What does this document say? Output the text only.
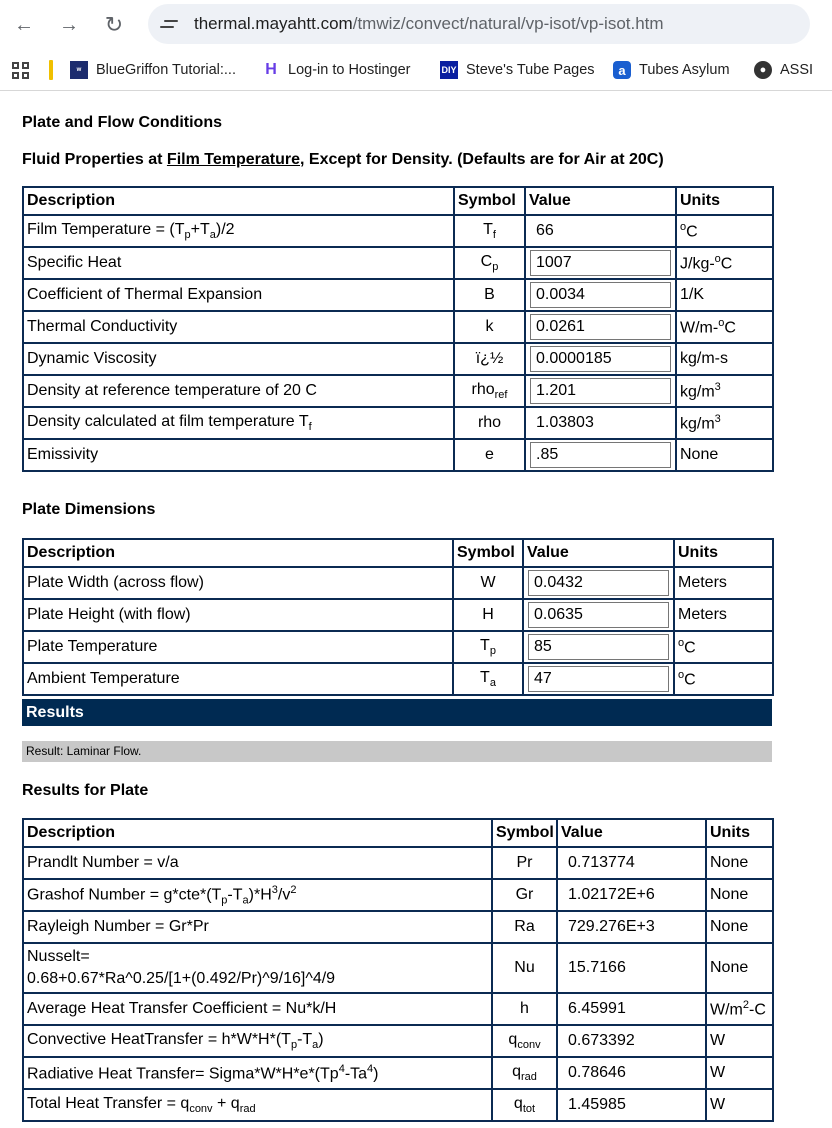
← → ↻	thermal.mayahtt.com/tmwiz/convect/natural/vp-isot/vp-isot.htm
w	BlueGriffon Tutorial:... H Log-in to Hostinger	DIY Steve's Tube Pages	a Tubes Asylum	● ASSI
Plate and Flow Conditions
Fluid Properties at Film Temperature, Except for Density. (Defaults are for Air at 20C)
Description	Symbol	Value	Units
Film Temperature = $(T_p+T_a)/2$	$T_f$	66	$^o$C
Specific Heat	$C_p$	1007	J/kg-$^o$C
Coefficient of Thermal Expansion	B	0.0034	1/K
Thermal Conductivity	k	0.0261	W/m-$^o$C
Dynamic Viscosity	ï¿½	0.0000185	kg/m-s
Density at reference temperature of 20 C	rho$_{ref}$	1.201	$kg/m^3$
Density calculated at film temperature $T_f$	rho	1.03803	$kg/m^3$
Emissivity	e	.85	None
Plate Dimensions
Description	Symbol	Value	Units
Plate Width (across flow)	W	0.0432	Meters
Plate Height (with flow)	H	0.0635	Meters
Plate Temperature	$T_p$	85	$^o$C
Ambient Temperature	$T_a$	47	$^o$C
Results
Result: Laminar Flow.
Results for Plate
Description	Symbol	Value	Units
Prandlt Number = v/a	Pr	0.713774	None
Grashof Number = $g*cte*(T_p-T_a)*H^3/v^2$	Gr	1.02172E+6	None
Rayleigh Number = Gr*Pr	Ra	729.276E+3	None

Nusselt=
0.68+0.67*Ra^0.25/[1+(0.492/Pr)^9/16]^4/9	Nu	15.7166	None
Average Heat Transfer Coefficient = Nu*k/H	h	6.45991	$W/m^2-C$
Convective HeatTransfer = $h*W*H*(T_p-T_a)$	$q_{conv}$	0.673392	W
Radiative Heat Transfer= $Sigma*W*H*e*(Tp^4-Ta^4)$	$q_{rad}$	0.78646	W
Total Heat Transfer = $q_{conv} + q_{rad}$	$q_{tot}$	1.45985	W
